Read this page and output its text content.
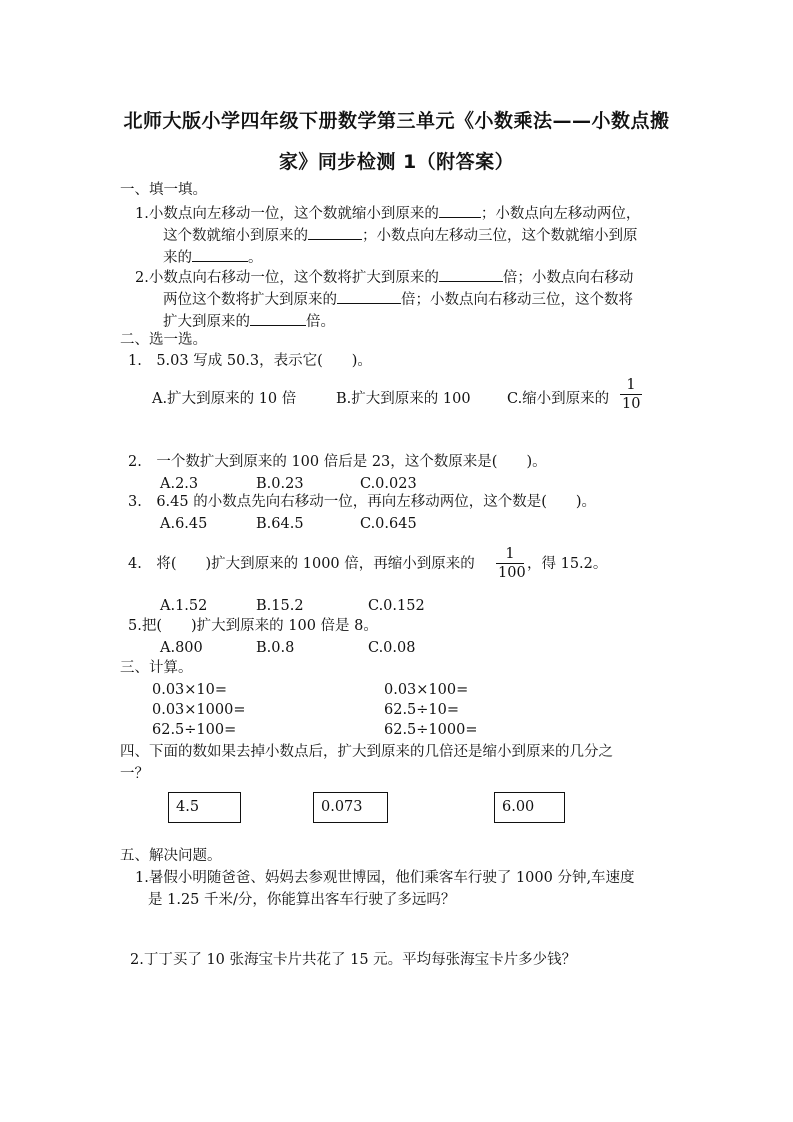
北师大版小学四年级下册数学第三单元《小数乘法——小数点搬
家》同步检测 1（附答案）
一、填一填。
1.小数点向左移动一位，这个数就缩小到原来的	；小数点向左移动两位，
这个数就缩小到原来的	；小数点向左移动三位，这个数就缩小到原
来的	。
2.小数点向右移动一位，这个数将扩大到原来的	倍；小数点向右移动
两位这个数将扩大到原来的	倍；小数点向右移动三位，这个数将
扩大到原来的	倍。
二、选一选。
1.　5.03 写成 50.3，表示它(　　)。
A.扩大到原来的 10 倍	B.扩大到原来的 100	C.缩小到原来的
1
10
2.　一个数扩大到原来的 100 倍后是 23，这个数原来是(　　)。
A.2.3	B.0.23	C.0.023
3.　6.45 的小数点先向右移动一位，再向左移动两位，这个数是(　　)。
A.6.45	B.64.5	C.0.645
4.　将(　　)扩大到原来的 1000 倍，再缩小到原来的
1
100
，得 15.2。
A.1.52	B.15.2	C.0.152
5.把(　　)扩大到原来的 100 倍是 8。
A.800	B.0.8	C.0.08
三、计算。
0.03×10=	0.03×100=
0.03×1000=	62.5÷10=
62.5÷100=	62.5÷1000=
四、下面的数如果去掉小数点后，扩大到原来的几倍还是缩小到原来的几分之
一？
4.5	0.073	6.00
五、解决问题。
1.暑假小明随爸爸、妈妈去参观世博园，他们乘客车行驶了 1000 分钟,车速度
是 1.25 千米/分，你能算出客车行驶了多远吗？
2.丁丁买了 10 张海宝卡片共花了 15 元。平均每张海宝卡片多少钱？
